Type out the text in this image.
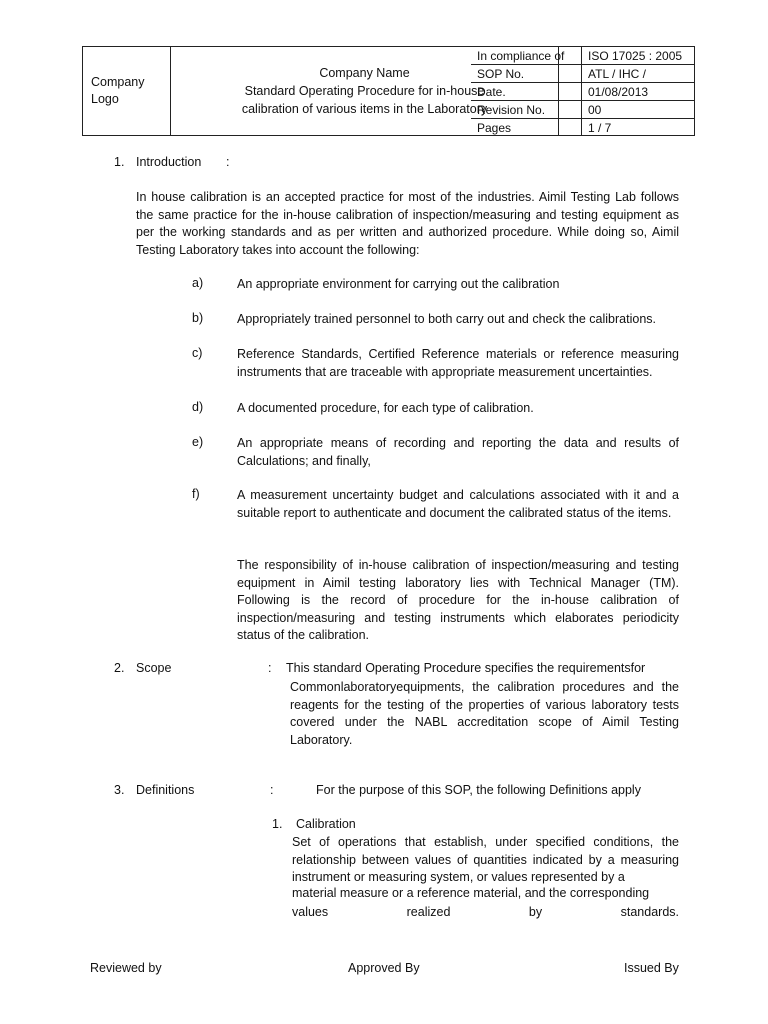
Company
Logo
Company Name
Standard Operating Procedure for in-house
calibration of various items in the Laboratory
In compliance of	ISO 17025 : 2005
SOP No.	ATL / IHC /
Date.	01/08/2013
Revision No.	00
Pages	1 / 7
1. Introduction :
In house calibration is an accepted practice for most of the industries. Aimil Testing Lab follows the same practice for the in-house calibration of inspection/measuring and testing equipment as per the working standards and as per written and authorized procedure. While doing so, Aimil Testing Laboratory takes into account the following:
a)	An appropriate environment for carrying out the calibration
b)	Appropriately trained personnel to both carry out and check the calibrations.
c)	Reference Standards, Certified Reference materials or reference measuring instruments that are traceable with appropriate measurement uncertainties.
d)	A documented procedure, for each type of calibration.
e)	An appropriate means of recording and reporting the data and results of Calculations; and finally,
f)	A measurement uncertainty budget and calculations associated with it and a suitable report to authenticate and document the calibrated status of the items.
The responsibility of in-house calibration of inspection/measuring and testing equipment in Aimil testing laboratory lies with Technical Manager (TM). Following is the record of procedure for the in-house calibration of inspection/measuring and testing instruments which elaborates periodicity status of the calibration.
2. Scope	: This standard Operating Procedure specifies the requirementsfor
Commonlaboratoryequipments, the calibration procedures and the reagents for the testing of the properties of various laboratory tests covered under the NABL accreditation scope of Aimil Testing Laboratory.
3. Definitions	:	For the purpose of this SOP, the following Definitions apply
1. Calibration
Set of operations that establish, under specified conditions, the relationship between values of quantities indicated by a measuring instrument or measuring system, or values represented by a
material measure or a reference material, and the corresponding
values                realized                by                standards.
Reviewed by	Approved By	Issued By
